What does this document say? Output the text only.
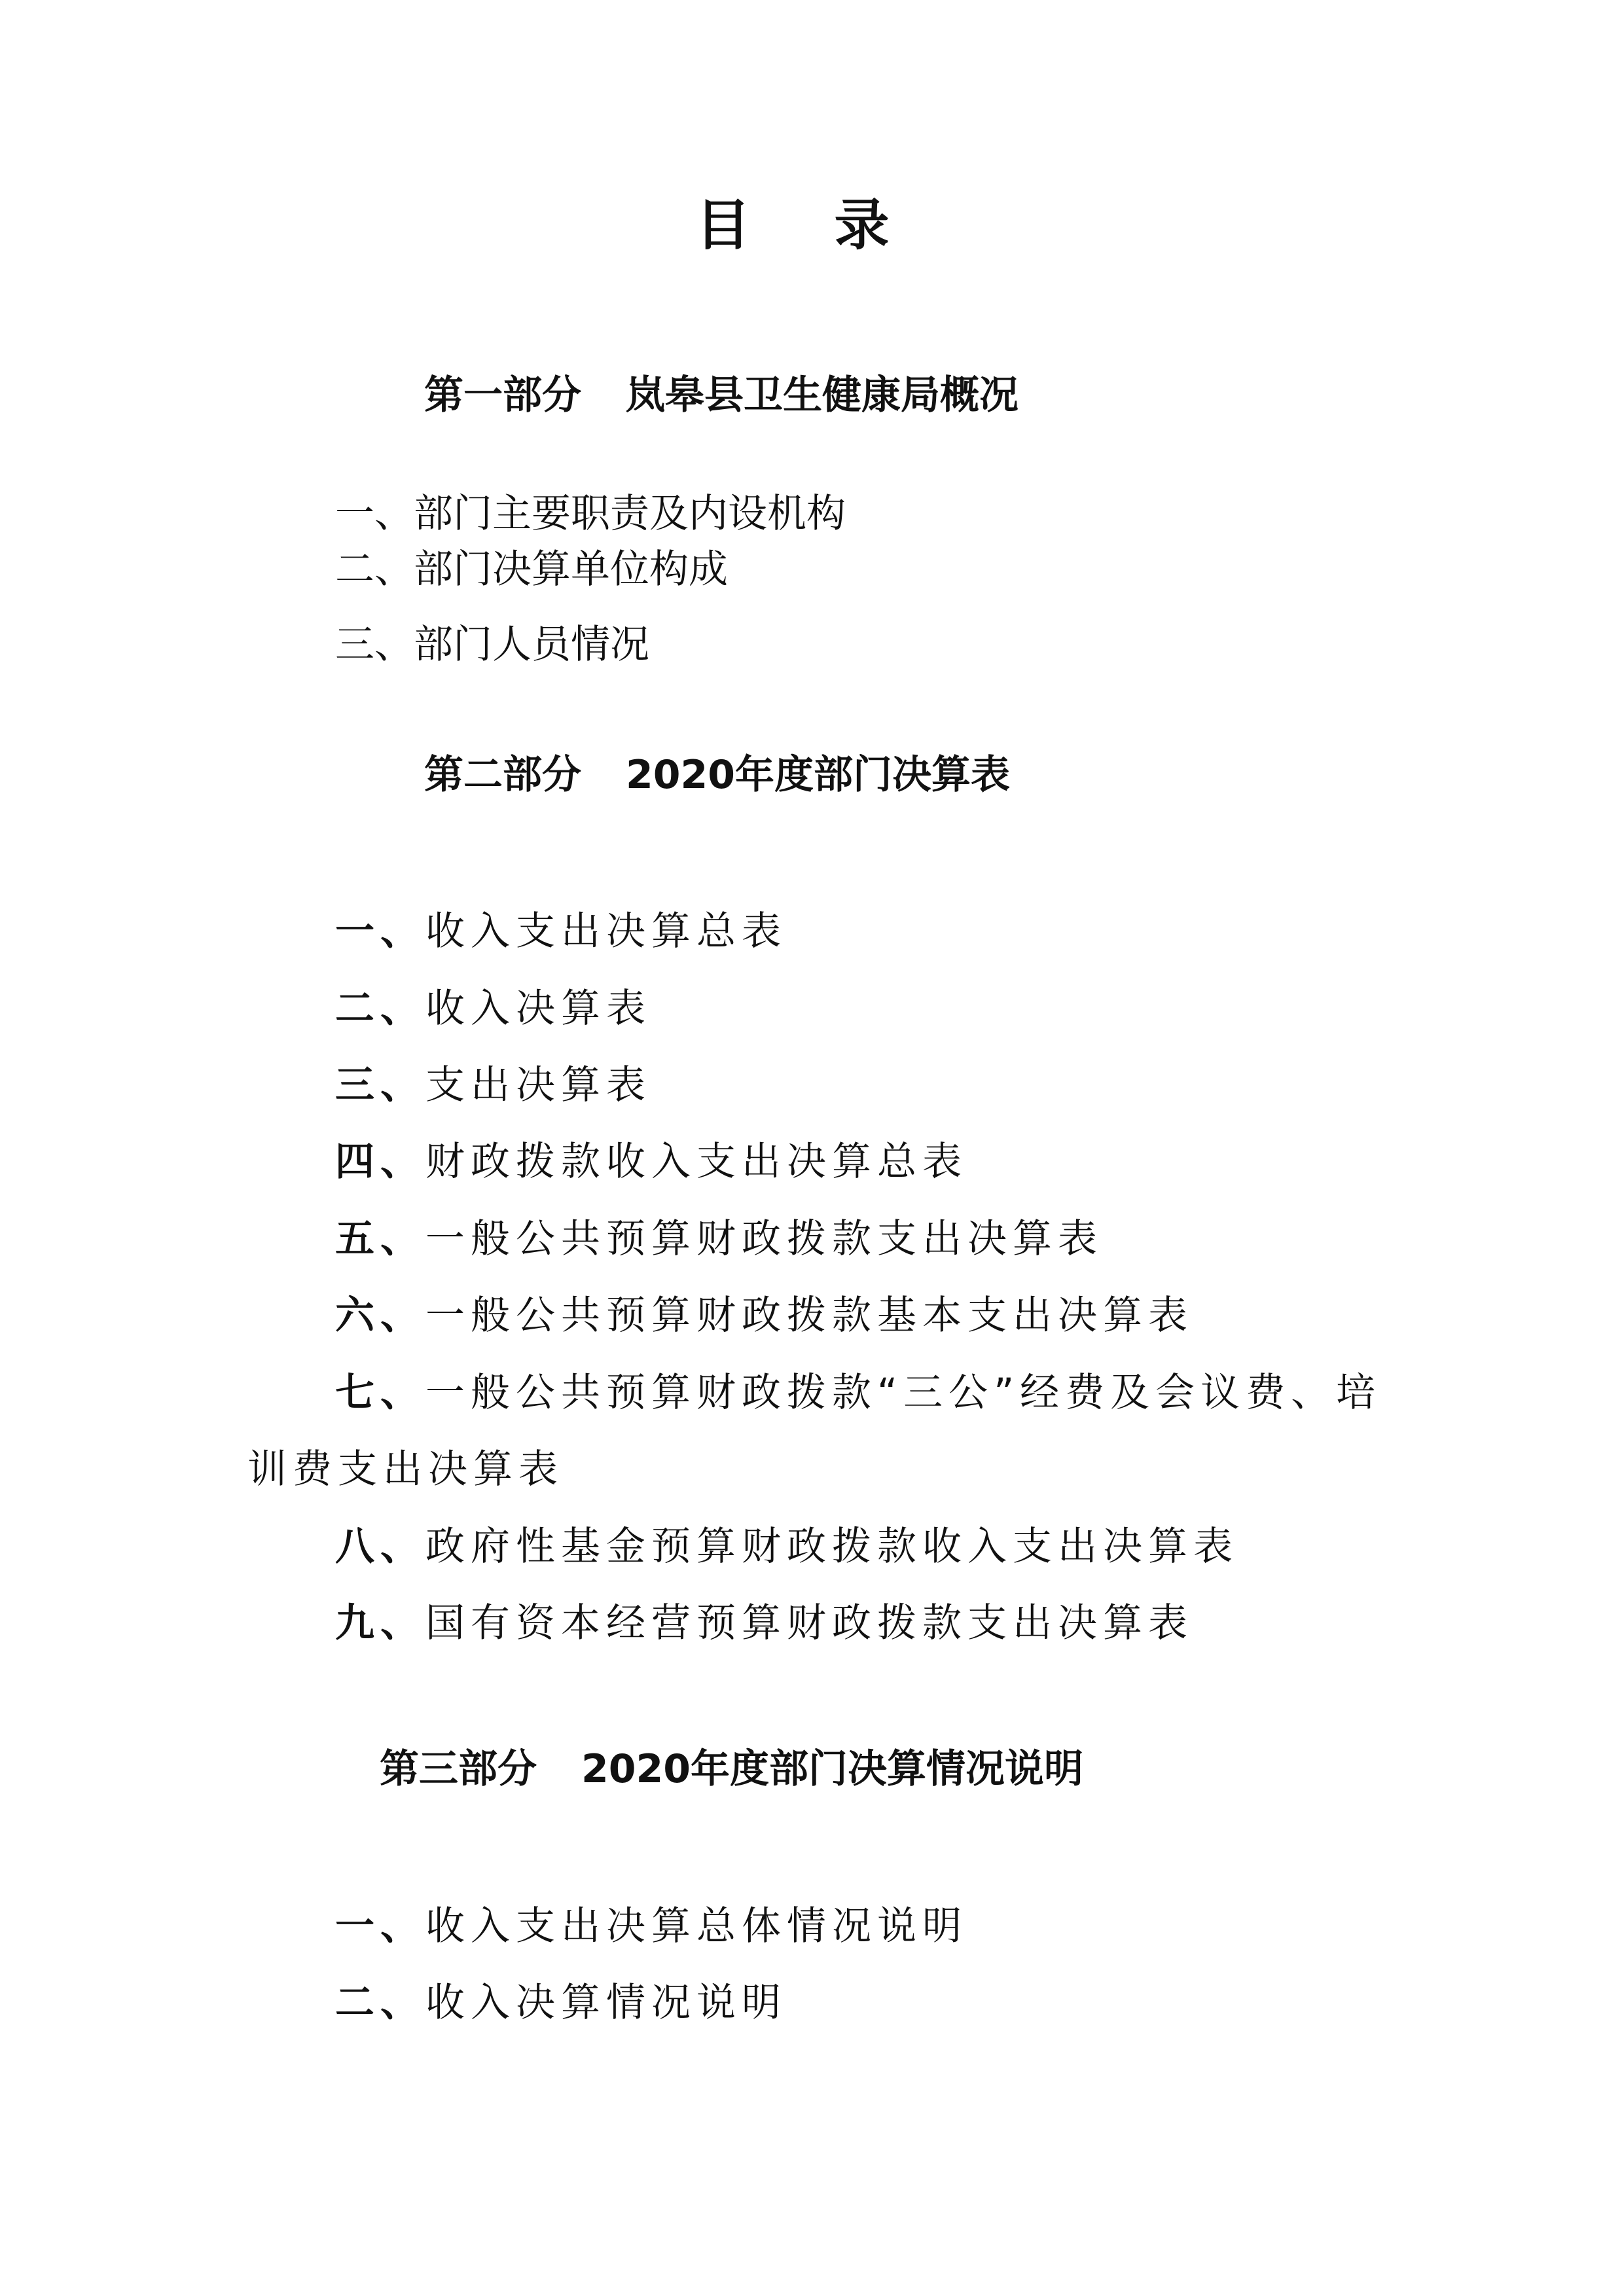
目 录
第一部分 岚皋县卫生健康局概况
一、部门主要职责及内设机构
二、部门决算单位构成
三、部门人员情况
第二部分 2020年度部门决算表
一、收入支出决算总表
二、收入决算表
三、支出决算表
四、财政拨款收入支出决算总表
五、一般公共预算财政拨款支出决算表
六、一般公共预算财政拨款基本支出决算表
七、一般公共预算财政拨款“三公”经费及会议费、培
训费支出决算表
八、政府性基金预算财政拨款收入支出决算表
九、国有资本经营预算财政拨款支出决算表
第三部分 2020年度部门决算情况说明
一、收入支出决算总体情况说明
二、收入决算情况说明
